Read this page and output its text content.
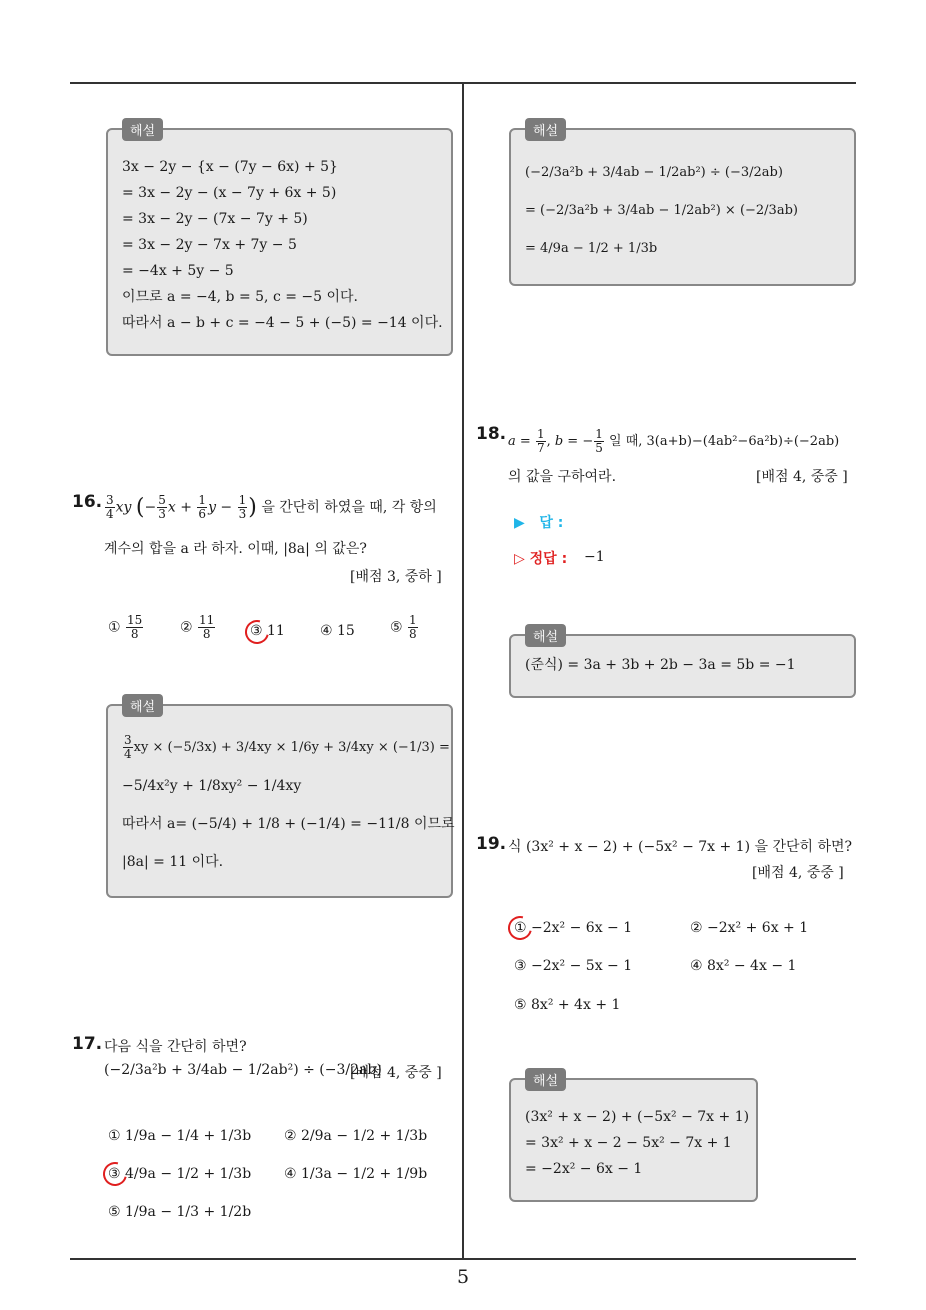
5
해설
3x − 2y − {x − (7y − 6x) + 5}
= 3x − 2y − (x − 7y + 6x + 5)
= 3x − 2y − (7x − 7y + 5)
= 3x − 2y − 7x + 7y − 5
= −4x + 5y − 5
이므로 a = −4, b = 5, c = −5 이다.
따라서 a − b + c = −4 − 5 + (−5) = −14 이다.
16. $\frac{3}{4}$ xy (− $\frac{5}{3}$ $x + \frac{1}{6}$ $y - \frac{1}{3}$ ) 을 간단히 하였을 때, 각 항의
계수의 합을 a 라 하자. 이때, |8a| 의 값은?
[배점 3, 중하 ]
① $\frac{15}{8}$	② $\frac{11}{8}$ ③ 11	④ 15	⑤ $\frac{1}{8}$
해설
$\frac{3}{4}$ xy × (−5/3x) + 3/4xy × 1/6y + 3/4xy × (−1/3) =
−5/4x²y + 1/8xy² − 1/4xy
따라서 a= (−5/4) + 1/8 + (−1/4) = −11/8 이므로
|8a| = 11 이다.
17. 다음 식을 간단히 하면?
(−2/3a²b + 3/4ab − 1/2ab²) ÷ (−3/2ab)
[배점 4, 중중 ]
① 1/9a − 1/4 + 1/3b ② 2/9a − 1/2 + 1/3b
③ 4/9a − 1/2 + 1/3b ④ 1/3a − 1/2 + 1/9b
⑤ 1/9a − 1/3 + 1/2b
해설
(−2/3a²b + 3/4ab − 1/2ab²) ÷ (−3/2ab)
= (−2/3a²b + 3/4ab − 1/2ab²) × (−2/3ab)
= 4/9a − 1/2 + 1/3b
18. $a = \frac{1}{7}$ , b = − $\frac{1}{5}$ 일 때, 3(a+b)−(4ab²−6a²b)÷(−2ab)
의 값을 구하여라.	[배점 4, 중중 ]
▶ 답 :
▷ 정답 : −1
해설
(준식) = 3a + 3b + 2b − 3a = 5b = −1
19. 식 (3x² + x − 2) + (−5x² − 7x + 1) 을 간단히 하면?
[배점 4, 중중 ]
① −2x² − 6x − 1	② −2x² + 6x + 1
③ −2x² − 5x − 1	④ 8x² − 4x − 1
⑤ 8x² + 4x + 1
해설
(3x² + x − 2) + (−5x² − 7x + 1)
= 3x² + x − 2 − 5x² − 7x + 1
= −2x² − 6x − 1
